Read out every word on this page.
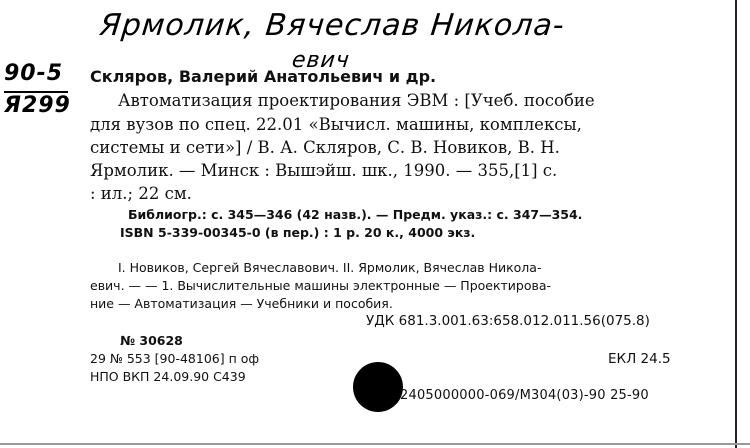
Ярмолик, Вячеслав Никола-
евич
90-5
Я299
Скляров, Валерий Анатольевич и др.
Автоматизация проектирования ЭВМ : [Учеб. пособие
для вузов по спец. 22.01 «Вычисл. машины, комплексы,
системы и сети»] / В. А. Скляров, С. В. Новиков, В. Н.
Ярмолик. — Минск : Вышэйш. шк., 1990. — 355,[1] с.
: ил.; 22 см.
Библиогр.: с. 345—346 (42 назв.). — Предм. указ.: с. 347—354.
ISBN 5-339-00345-0 (в пер.) : 1 р. 20 к., 4000 экз.
I. Новиков, Сергей Вячеславович. II. Ярмолик, Вячеслав Никола-
евич. — — 1. Вычислительные машины электронные — Проектирова-
ние — Автоматизация — Учебники и пособия.
УДК 681.3.001.63:658.012.011.56(075.8)
№ 30628
29 № 553 [90-48106] п оф
НПО ВКП 24.09.90 С439
ЕКЛ 24.5
2405000000-069/М304(03)-90 25-90
